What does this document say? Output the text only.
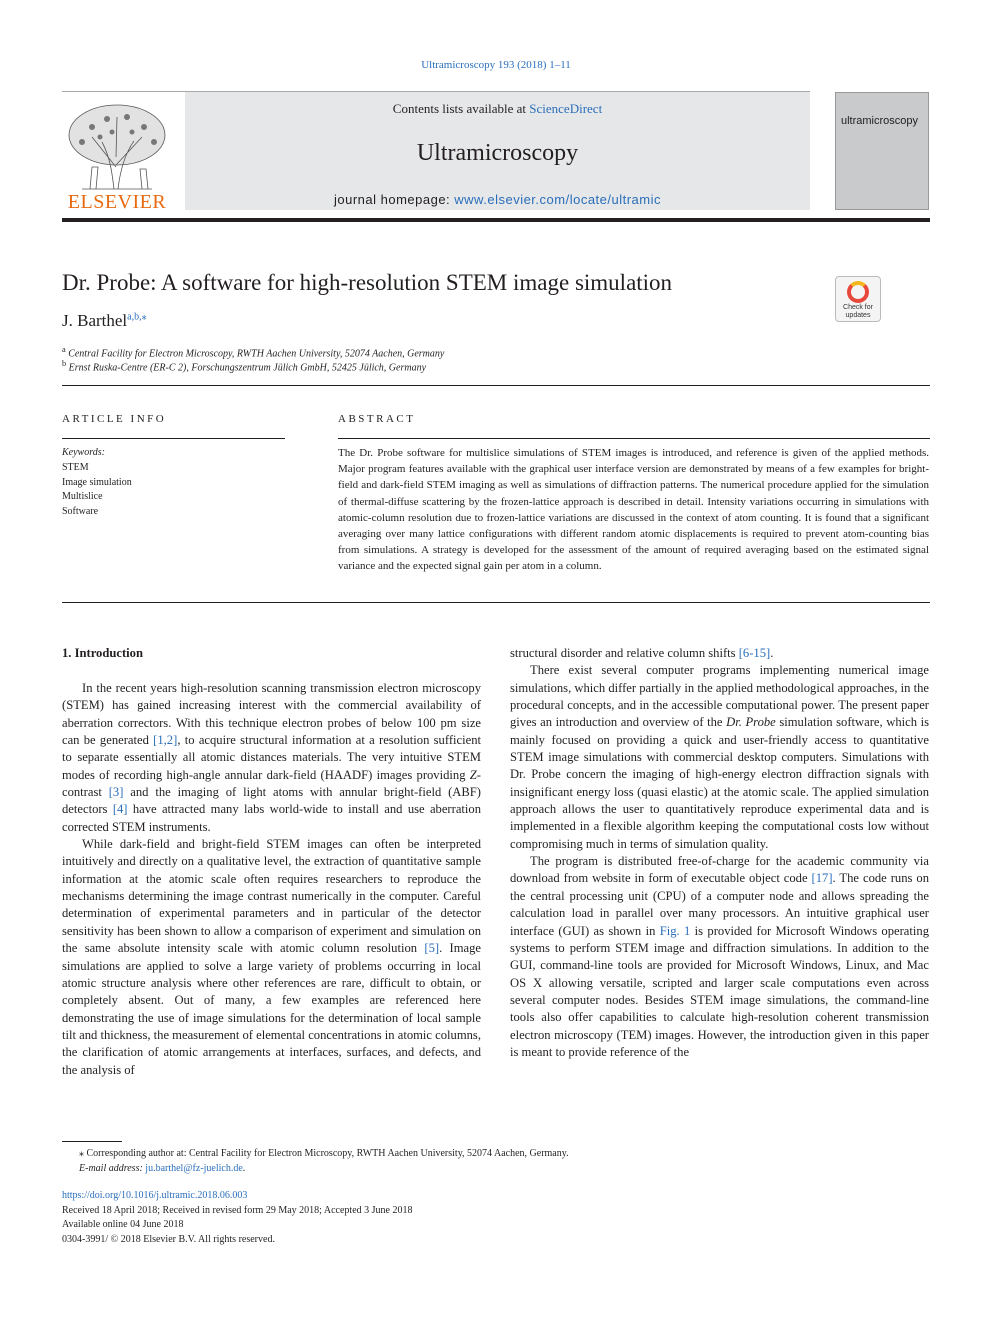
Ultramicroscopy 193 (2018) 1–11
Contents lists available at ScienceDirect
Ultramicroscopy
journal homepage: www.elsevier.com/locate/ultramic
ELSEVIER
ultramicroscopy
Dr. Probe: A software for high-resolution STEM image simulation
Check for
updates
J. Barthel$^{a,b,⁎}$
$^a$ Central Facility for Electron Microscopy, RWTH Aachen University, 52074 Aachen, Germany
$^b$ Ernst Ruska-Centre (ER-C 2), Forschungszentrum Jülich GmbH, 52425 Jülich, Germany
ARTICLE INFO	ABSTRACT
Keywords:
STEM
Image simulation
Multislice
Software
The Dr. Probe software for multislice simulations of STEM images is introduced, and reference is given of the applied methods. Major program features available with the graphical user interface version are demonstrated by means of a few examples for bright-field and dark-field STEM imaging as well as simulations of diffraction patterns. The numerical procedure applied for the simulation of thermal-diffuse scattering by the frozen-lattice approach is described in detail. Intensity variations occurring in simulations with atomic-column resolution due to frozen-lattice variations are discussed in the context of atom counting. It is found that a significant averaging over many lattice configurations with different random atomic displacements is required to prevent atom-counting bias from simulations. A strategy is developed for the assessment of the amount of required averaging based on the estimated signal variance and the expected signal gain per atom in a column.
1. Introduction

In the recent years high-resolution scanning transmission electron microscopy (STEM) has gained increasing interest with the commercial availability of aberration correctors. With this technique electron probes of below 100 pm size can be generated [1,2], to acquire structural information at a resolution sufficient to separate essentially all atomic distances materials. The very intuitive STEM modes of recording high-angle annular dark-field (HAADF) images providing Z-contrast [3] and the imaging of light atoms with annular bright-field (ABF) detectors [4] have attracted many labs world-wide to install and use aberration corrected STEM instruments.

While dark-field and bright-field STEM images can often be interpreted intuitively and directly on a qualitative level, the extraction of quantitative sample information at the atomic scale often requires researchers to reproduce the mechanisms determining the image contrast numerically in the computer. Careful determination of experimental parameters and in particular of the detector sensitivity has been shown to allow a comparison of experiment and simulation on the same absolute intensity scale with atomic column resolution [5]. Image simulations are applied to solve a large variety of problems occurring in local atomic structure analysis where other references are rare, difficult to obtain, or completely absent. Out of many, a few examples are referenced here demonstrating the use of image simulations for the determination of local sample tilt and thickness, the measurement of elemental concentrations in atomic columns, the clarification of atomic arrangements at interfaces, surfaces, and defects, and the analysis of

structural disorder and relative column shifts [6-15].

There exist several computer programs implementing numerical image simulations, which differ partially in the applied methodological approaches, in the procedural concepts, and in the accessible computational power. The present paper gives an introduction and overview of the Dr. Probe simulation software, which is mainly focused on providing a quick and user-friendly access to quantitative STEM image simulations with commercial desktop computers. Simulations with Dr. Probe concern the imaging of high-energy electron diffraction signals with insignificant energy loss (quasi elastic) at the atomic scale. The applied simulation approach allows the user to quantitatively reproduce experimental data and is implemented in a flexible algorithm keeping the computational costs low without compromising much in terms of simulation quality.

The program is distributed free-of-charge for the academic community via download from website in form of executable object code [17]. The code runs on the central processing unit (CPU) of a computer node and allows spreading the calculation load in parallel over many processors. An intuitive graphical user interface (GUI) as shown in Fig. 1 is provided for Microsoft Windows operating systems to perform STEM image and diffraction simulations. In addition to the GUI, command-line tools are provided for Microsoft Windows, Linux, and Mac OS X allowing versatile, scripted and larger scale computations even across several computer nodes. Besides STEM image simulations, the command-line tools also offer capabilities to calculate high-resolution coherent transmission electron microscopy (TEM) images. However, the introduction given in this paper is meant to provide reference of the

⁎ Corresponding author at: Central Facility for Electron Microscopy, RWTH Aachen University, 52074 Aachen, Germany.
E-mail address: ju.barthel@fz-juelich.de.
https://doi.org/10.1016/j.ultramic.2018.06.003
Received 18 April 2018; Received in revised form 29 May 2018; Accepted 3 June 2018
Available online 04 June 2018
0304-3991/ © 2018 Elsevier B.V. All rights reserved.
